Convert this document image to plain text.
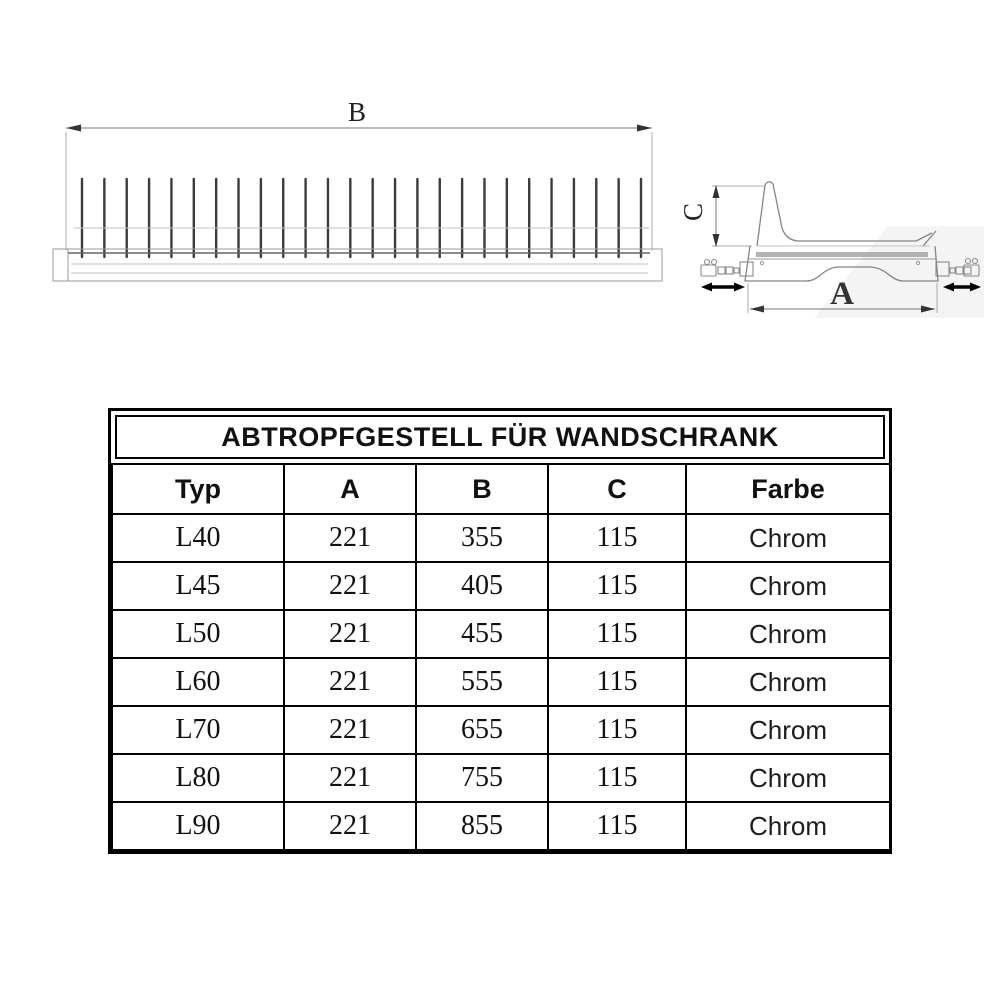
B
C
A
ABTROPFGESTELL FÜR WANDSCHRANK
Typ	A	B	C	Farbe
L40	221	355	115	Chrom
L45	221	405	115	Chrom
L50	221	455	115	Chrom
L60	221	555	115	Chrom
L70	221	655	115	Chrom
L80	221	755	115	Chrom
L90	221	855	115	Chrom
